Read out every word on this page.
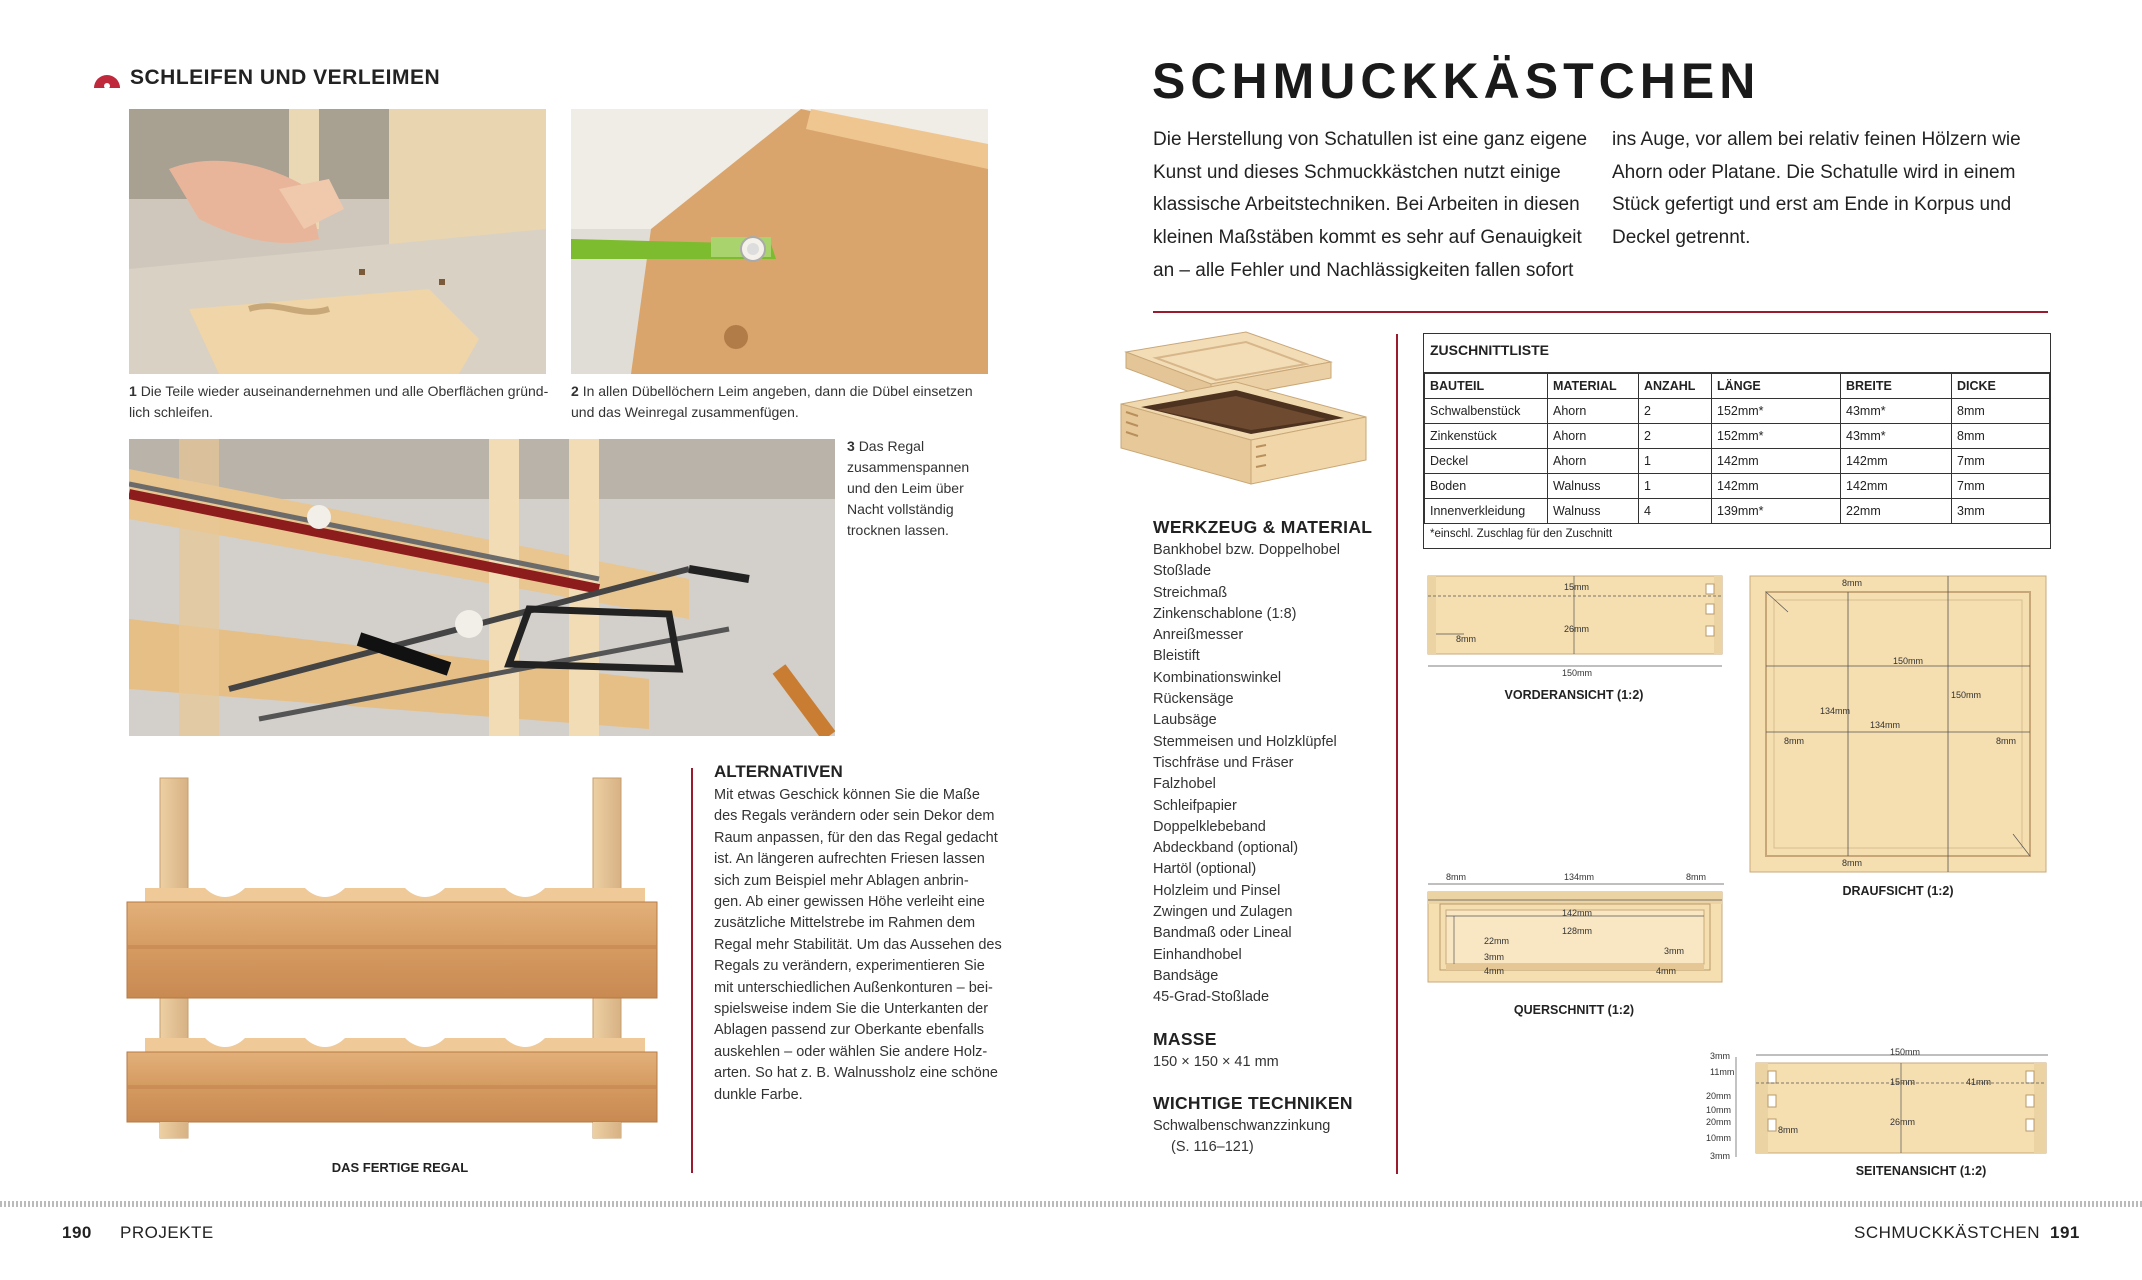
SCHLEIFEN UND VERLEIMEN
1 Die Teile wieder auseinandernehmen und alle Oberflächen gründ-
lich schleifen.
2 In allen Dübellöchern Leim angeben, dann die Dübel einsetzen
und das Weinregal zusammenfügen.
3 Das Regal
zusammenspannen
und den Leim über
Nacht vollständig
trocknen lassen.
DAS FERTIGE REGAL
ALTERNATIVEN
Mit etwas Geschick können Sie die Maße
des Regals verändern oder sein Dekor dem
Raum anpassen, für den das Regal gedacht
ist. An längeren aufrechten Friesen lassen
sich zum Beispiel mehr Ablagen anbrin-
gen. Ab einer gewissen Höhe verleiht eine
zusätzliche Mittelstrebe im Rahmen dem
Regal mehr Stabilität. Um das Aussehen des
Regals zu verändern, experimentieren Sie
mit unterschiedlichen Außenkonturen – bei-
spielsweise indem Sie die Unterkanten der
Ablagen passend zur Oberkante ebenfalls
auskehlen – oder wählen Sie andere Holz-
arten. So hat z. B. Walnussholz eine schöne
dunkle Farbe.
SCHMUCKKÄSTCHEN
Die Herstellung von Schatullen ist eine ganz eigene
Kunst und dieses Schmuckkästchen nutzt einige
klassische Arbeitstechniken. Bei Arbeiten in diesen
kleinen Maßstäben kommt es sehr auf Genauigkeit
an – alle Fehler und Nachlässigkeiten fallen sofort
ins Auge, vor allem bei relativ feinen Hölzern wie
Ahorn oder Platane. Die Schatulle wird in einem
Stück gefertigt und erst am Ende in Korpus und
Deckel getrennt.
WERKZEUG & MATERIAL
Bankhobel bzw. Doppelhobel
Stoßlade
Streichmaß
Zinkenschablone (1:8)
Anreißmesser
Bleistift
Kombinationswinkel
Rückensäge
Laubsäge
Stemmeisen und Holzklüpfel
Tischfräse und Fräser
Falzhobel
Schleifpapier
Doppelklebeband
Abdeckband (optional)
Hartöl (optional)
Holzleim und Pinsel
Zwingen und Zulagen
Bandmaß oder Lineal
Einhandhobel
Bandsäge
45-Grad-Stoßlade
MASSE
150 × 150 × 41 mm
WICHTIGE TECHNIKEN
Schwalbenschwanzzinkung
(S. 116–121)
ZUSCHNITTLISTE
BAUTEIL	MATERIAL	ANZAHL	LÄNGE	BREITE	DICKE
Schwalbenstück	Ahorn	2	152mm*	43mm*	8mm
Zinkenstück	Ahorn	2	152mm*	43mm*	8mm
Deckel	Ahorn	1	142mm	142mm	7mm
Boden	Walnuss	1	142mm	142mm	7mm
Innenverkleidung	Walnuss	4	139mm*	22mm	3mm
*einschl. Zuschlag für den Zuschnitt
15mm
26mm
8mm
150mm
VORDERANSICHT (1:2)
8mm
150mm
150mm
134mm
134mm
8mm	8mm
8mm
DRAUFSICHT (1:2)
8mm	134mm	8mm
142mm
128mm
22mm
3mm
4mm
3mm
4mm
QUERSCHNITT (1:2)
3mm
11mm
20mm
10mm
20mm
10mm
3mm
150mm
15mm	41mm
26mm
8mm
SEITENANSICHT (1:2)
190 PROJEKTE	SCHMUCKKÄSTCHEN 191
